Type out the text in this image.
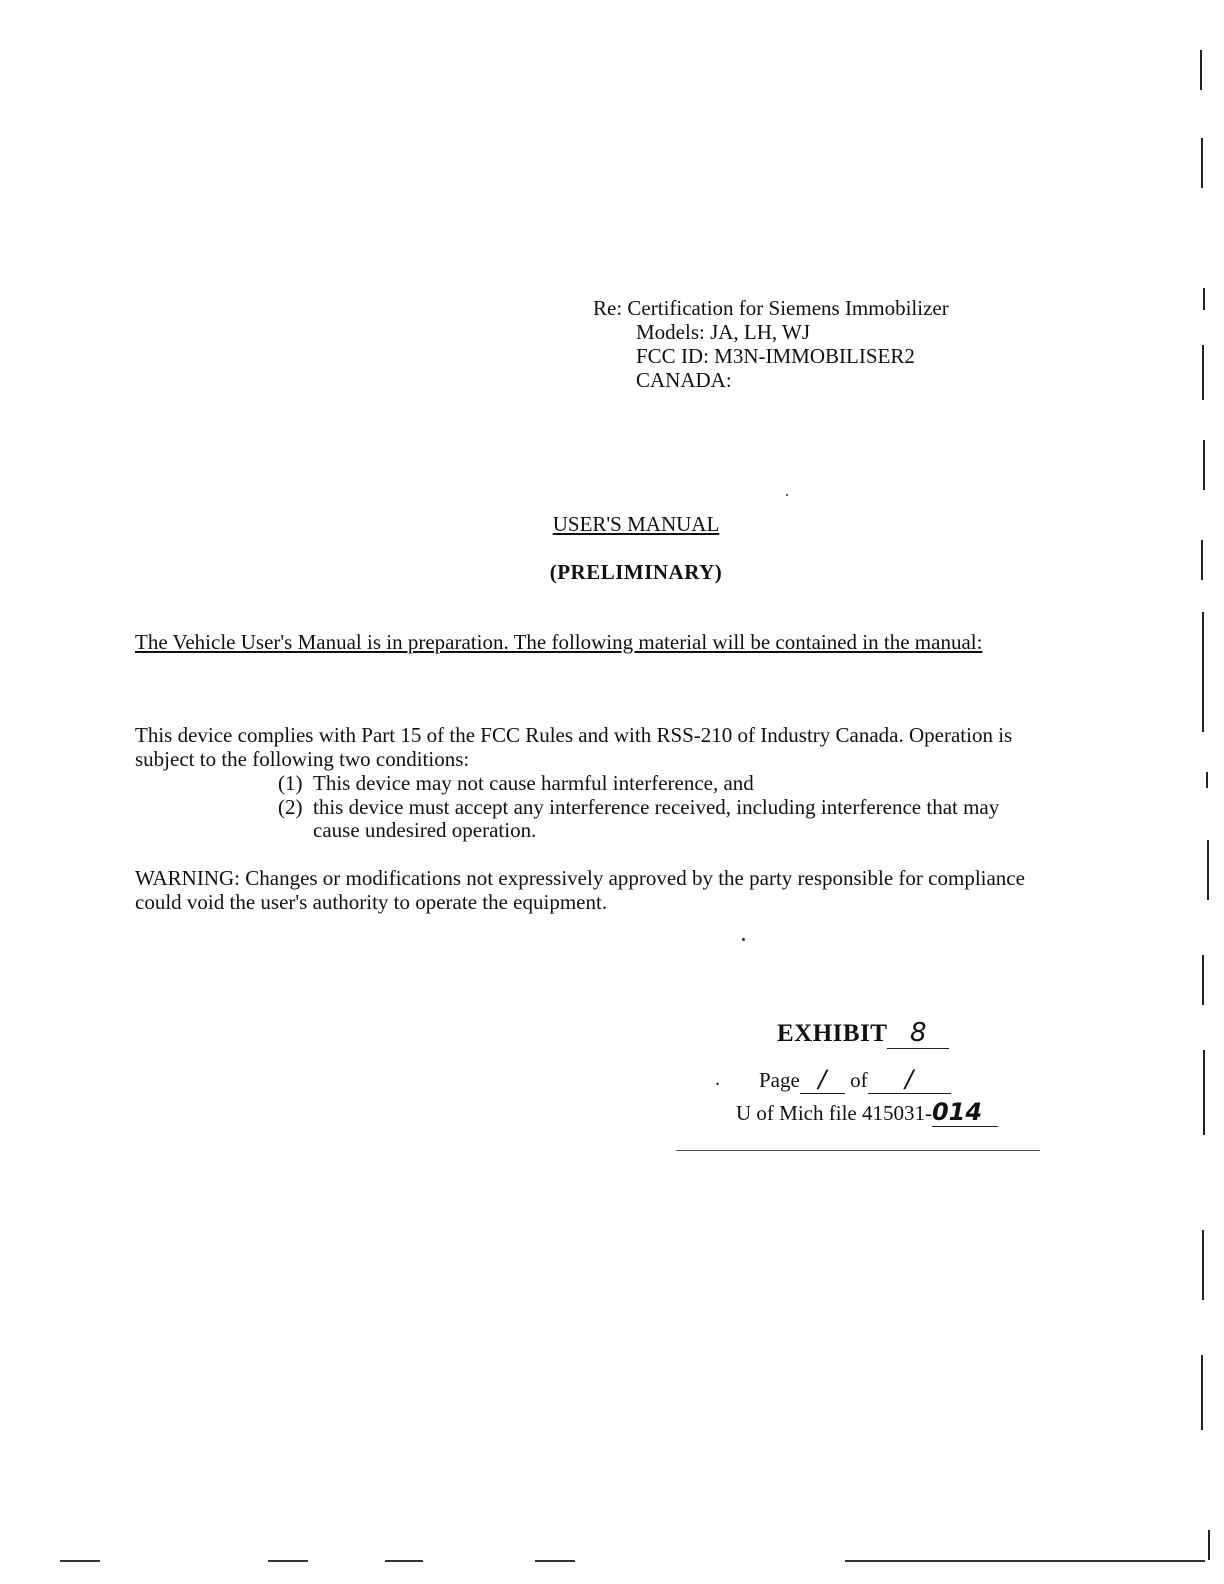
Re: Certification for Siemens Immobilizer
Models: JA, LH, WJ
FCC ID: M3N-IMMOBILISER2
CANADA:
USER'S MANUAL
(PRELIMINARY)
The Vehicle User's Manual is in preparation. The following material will be contained in the manual:
This device complies with Part 15 of the FCC Rules and with RSS-210 of Industry Canada. Operation is subject to the following two conditions:
(1) This device may not cause harmful interference, and
(2) this device must accept any interference received, including interference that may cause undesired operation.
WARNING: Changes or modifications not expressively approved by the party responsible for compliance could void the user's authority to operate the equipment.
EXHIBIT 8
. Page / of /
U of Mich file 415031-014
